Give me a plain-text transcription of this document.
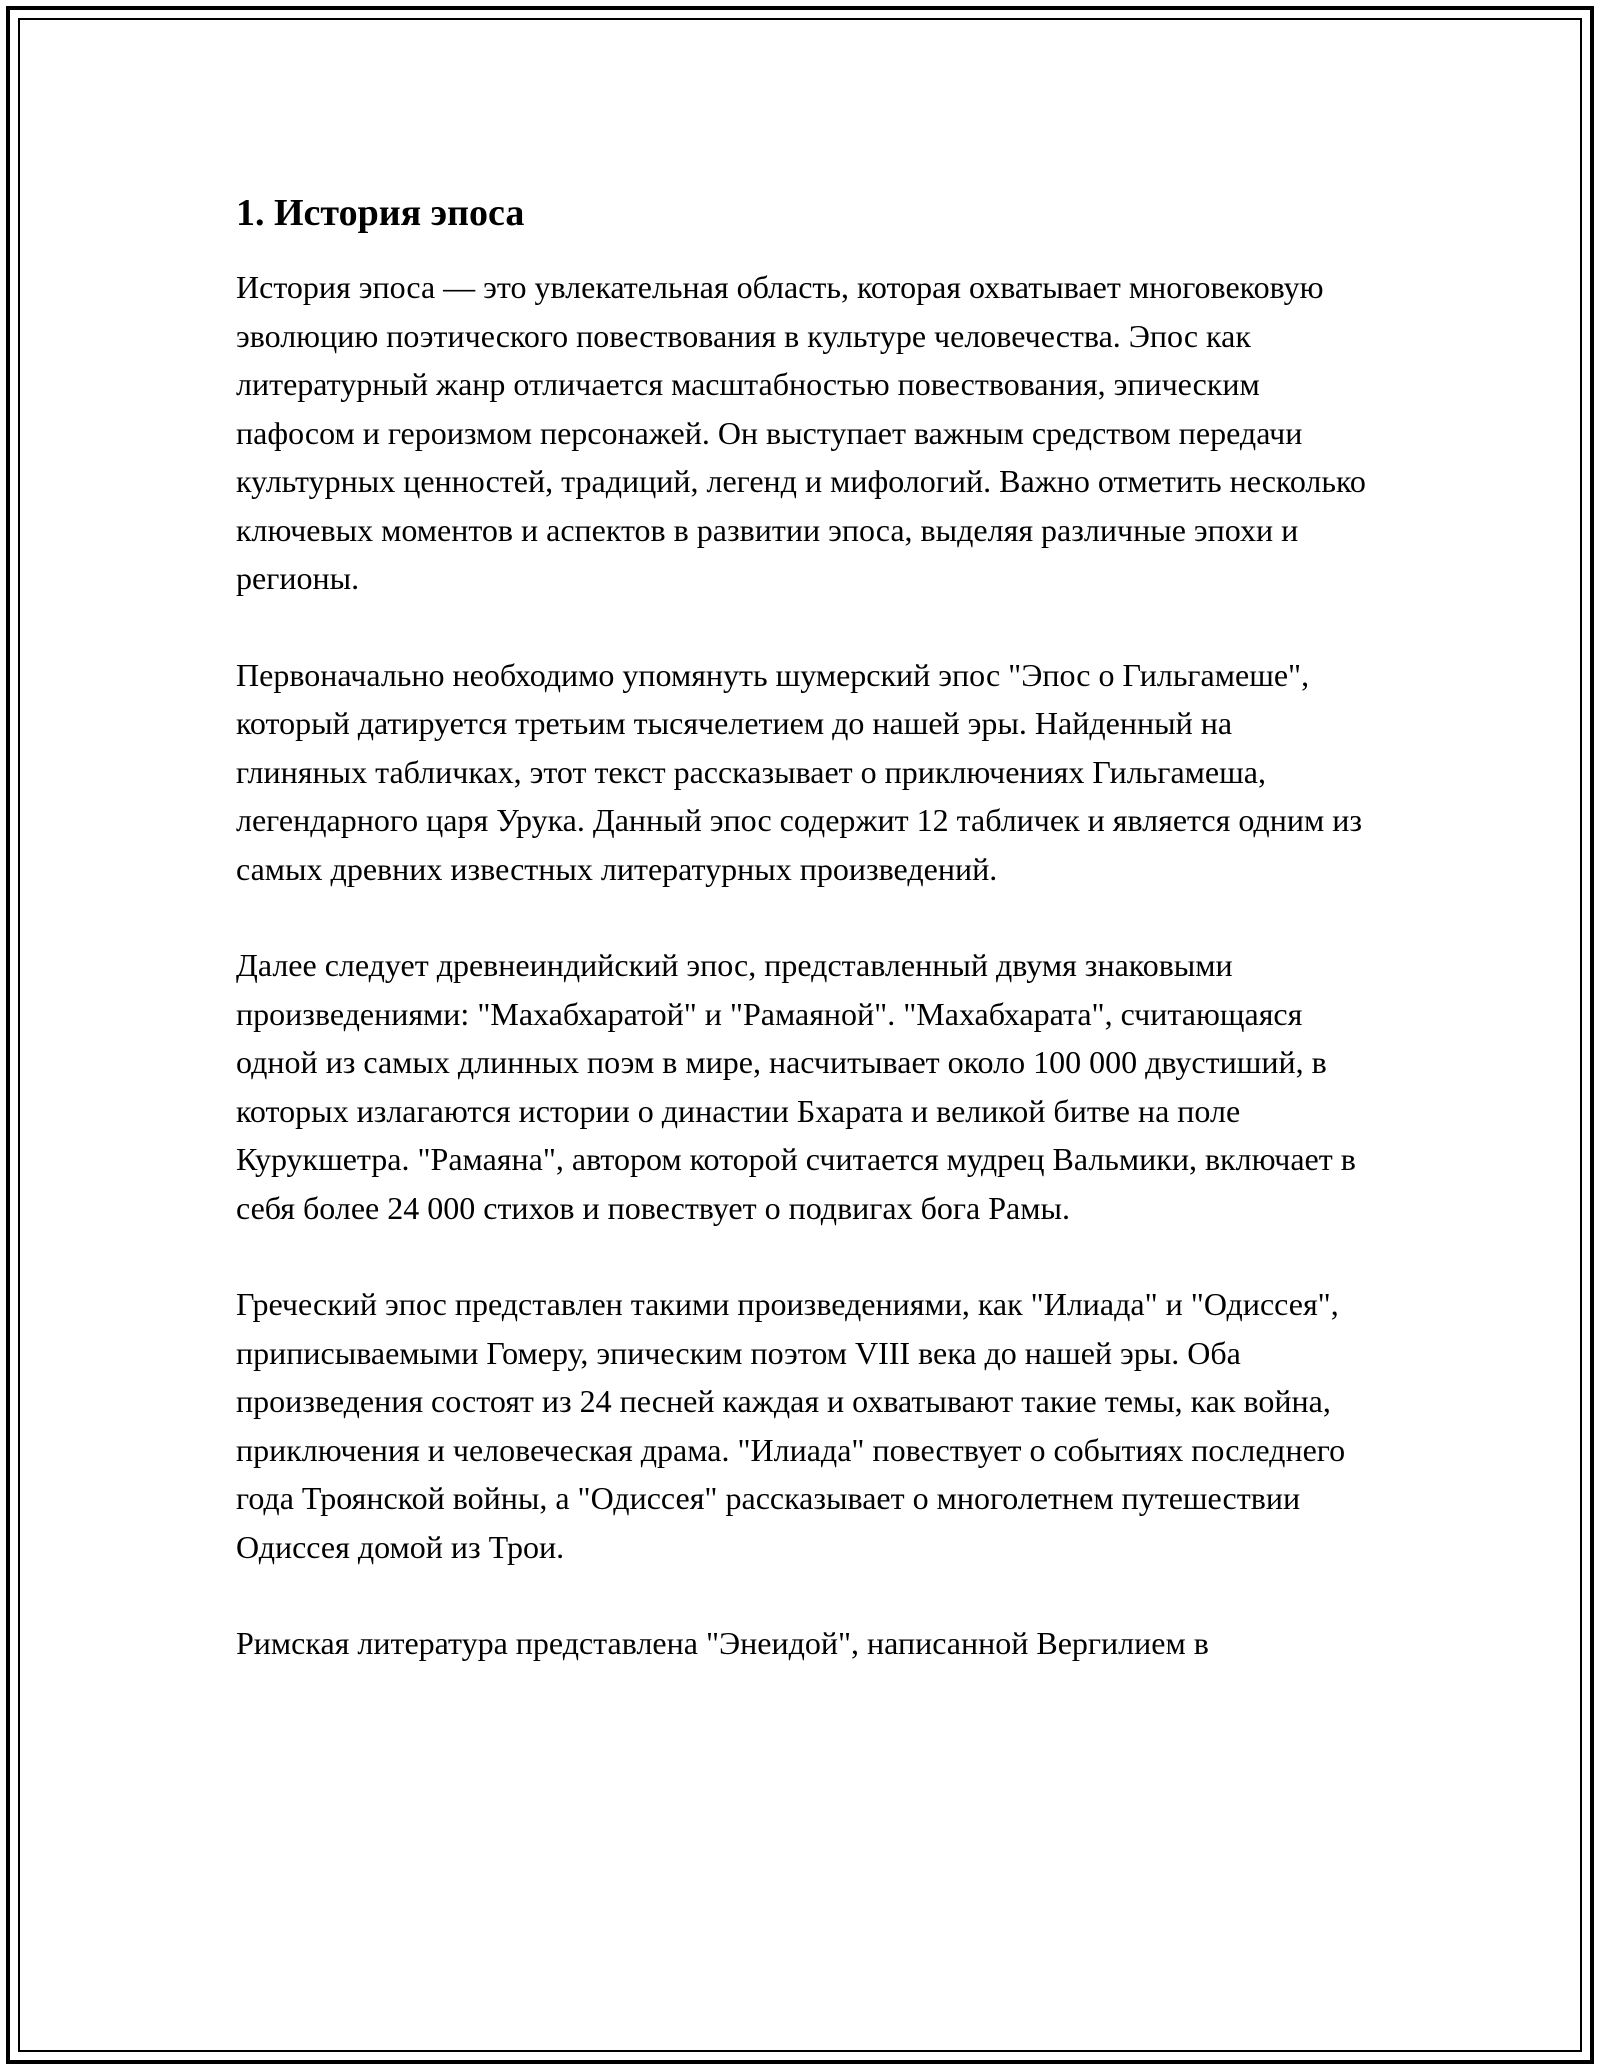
1. История эпоса

История эпоса — это увлекательная область, которая охватывает многовековую эволюцию поэтического повествования в культуре человечества. Эпос как литературный жанр отличается масштабностью повествования, эпическим пафосом и героизмом персонажей. Он выступает важным средством передачи культурных ценностей, традиций, легенд и мифологий. Важно отметить несколько ключевых моментов и аспектов в развитии эпоса, выделяя различные эпохи и регионы.

Первоначально необходимо упомянуть шумерский эпос "Эпос о Гильгамеше", который датируется третьим тысячелетием до нашей эры. Найденный на глиняных табличках, этот текст рассказывает о приключениях Гильгамеша, легендарного царя Урука. Данный эпос содержит 12 табличек и является одним из самых древних известных литературных произведений.

Далее следует древнеиндийский эпос, представленный двумя знаковыми произведениями: "Махабхаратой" и "Рамаяной". "Махабхарата", считающаяся одной из самых длинных поэм в мире, насчитывает около 100 000 двустиший, в которых излагаются истории о династии Бхарата и великой битве на поле Курукшетра. "Рамаяна", автором которой считается мудрец Вальмики, включает в себя более 24 000 стихов и повествует о подвигах бога Рамы.

Греческий эпос представлен такими произведениями, как "Илиада" и "Одиссея", приписываемыми Гомеру, эпическим поэтом VIII века до нашей эры. Оба произведения состоят из 24 песней каждая и охватывают такие темы, как война, приключения и человеческая драма. "Илиада" повествует о событиях последнего года Троянской войны, а "Одиссея" рассказывает о многолетнем путешествии Одиссея домой из Трои.

Римская литература представлена "Энеидой", написанной Вергилием в
